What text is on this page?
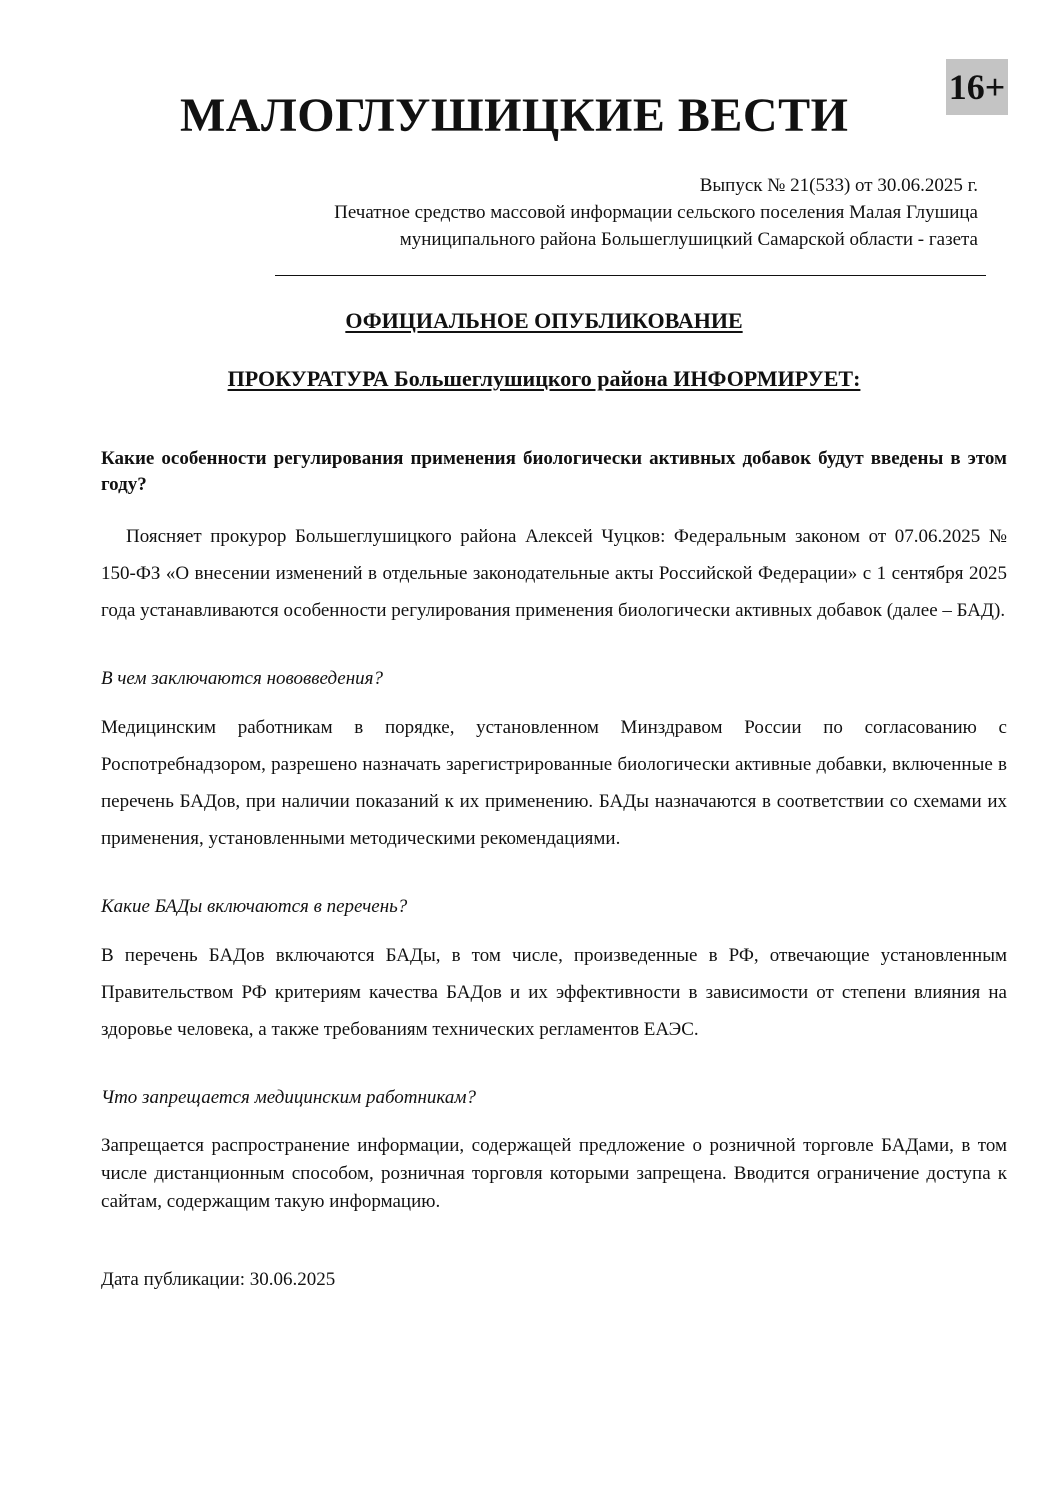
МАЛОГЛУШИЦКИЕ ВЕСТИ
16+
Выпуск № 21(533) от 30.06.2025 г.
Печатное средство массовой информации сельского поселения Малая Глушица
муниципального района Большеглушицкий Самарской области - газета
ОФИЦИАЛЬНОЕ ОПУБЛИКОВАНИЕ
ПРОКУРАТУРА Большеглушицкого района ИНФОРМИРУЕТ:

Какие особенности регулирования применения биологически активных добавок будут введены в этом году?

Поясняет прокурор Большеглушицкого района Алексей Чуцков: Федеральным законом от 07.06.2025 № 150-ФЗ «О внесении изменений в отдельные законодательные акты Российской Федерации» с 1 сентября 2025 года устанавливаются особенности регулирования применения биологически активных добавок (далее – БАД).

В чем заключаются нововведения?

Медицинским работникам в порядке, установленном Минздравом России по согласованию с Роспотребнадзором, разрешено назначать зарегистрированные биологически активные добавки, включенные в перечень БАДов, при наличии показаний к их применению. БАДы назначаются в соответствии со схемами их применения, установленными методическими рекомендациями.

Какие БАДы включаются в перечень?

В перечень БАДов включаются БАДы, в том числе, произведенные в РФ, отвечающие установленным Правительством РФ критериям качества БАДов и их эффективности в зависимости от степени влияния на здоровье человека, а также требованиям технических регламентов ЕАЭС.

Что запрещается медицинским работникам?

Запрещается распространение информации, содержащей предложение о розничной торговле БАДами, в том числе дистанционным способом, розничная торговля которыми запрещена. Вводится ограничение доступа к сайтам, содержащим такую информацию.

Дата публикации: 30.06.2025
